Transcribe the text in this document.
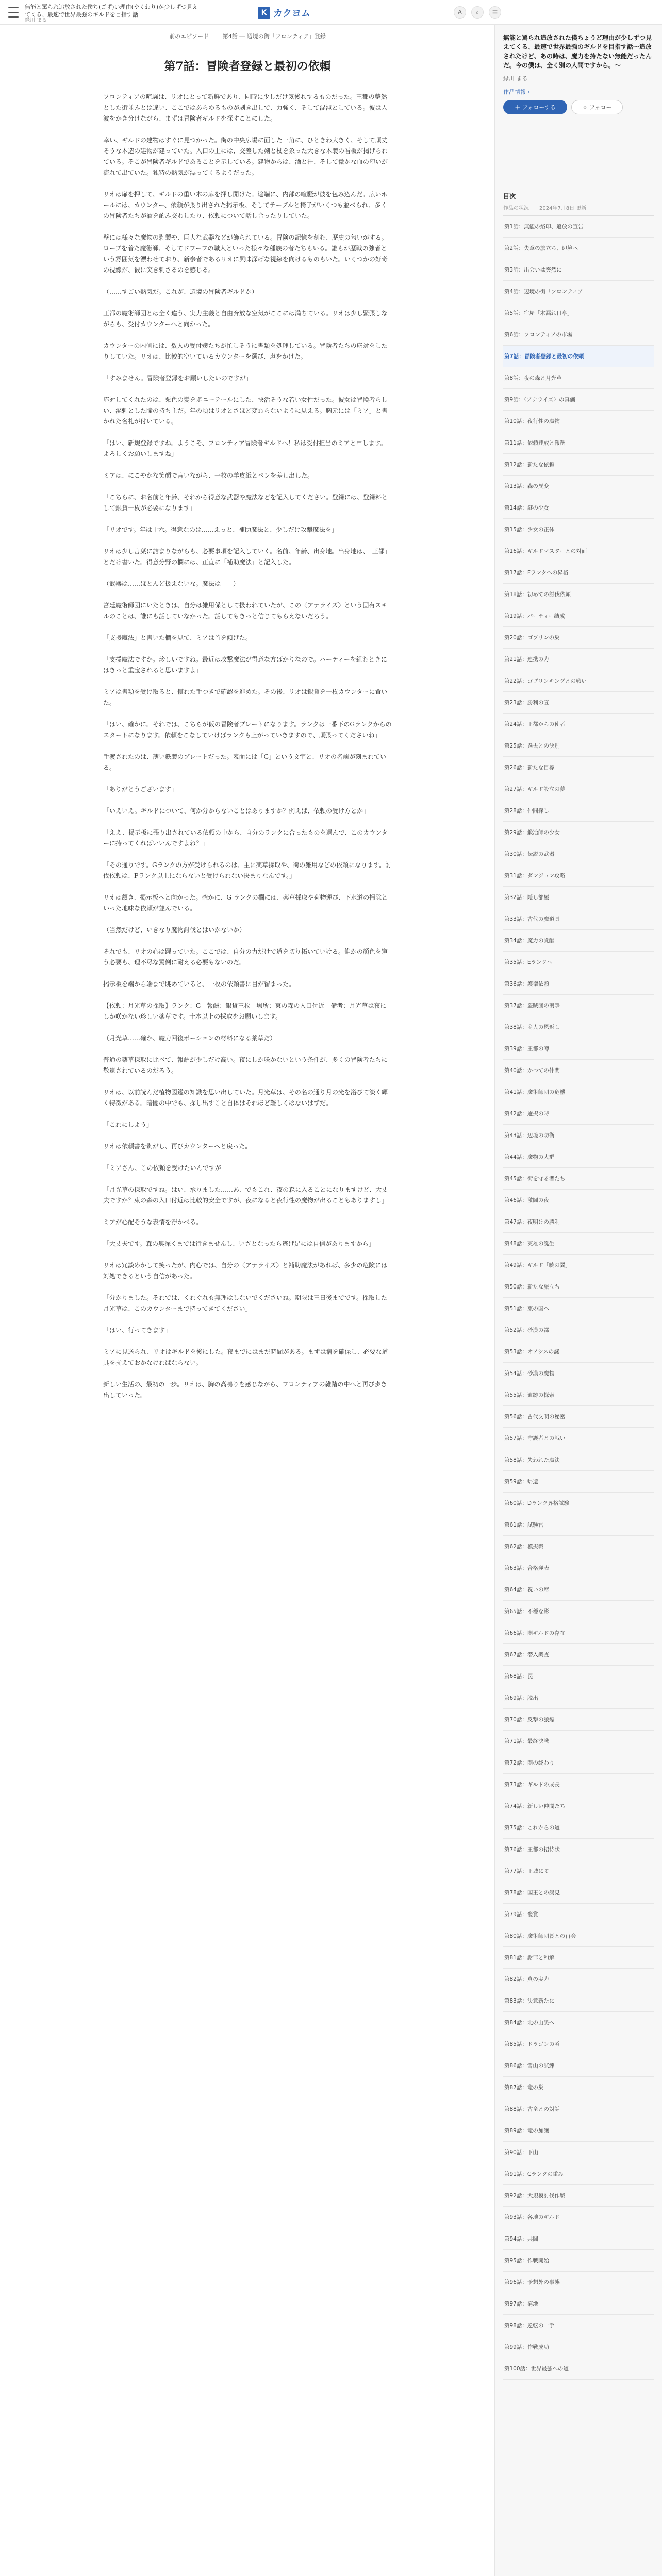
無能と罵られ追放された僕ち(ごず)い理由(やくわり)が少しずつ見えてくる、最速で世界最強のギルドを目指す話
緑川 まる
K カクヨム	A	⌕	☰
前のエピソード | 第4話 ― 辺境の街「フロンティア」登録
第7話：冒険者登録と最初の依頼

フロンティアの喧騒は、リオにとって新鮮であり、同時に少しだけ気後れするものだった。王都の整然とした街並みとは違い、ここではあらゆるものが剥き出しで、力強く、そして混沌としている。彼は人波をかき分けながら、まずは冒険者ギルドを探すことにした。

幸い、ギルドの建物はすぐに見つかった。街の中央広場に面した一角に、ひときわ大きく、そして頑丈そうな木造の建物が建っていた。入口の上には、交差した剣と杖を象った大きな木製の看板が掲げられている。そこが冒険者ギルドであることを示している。建物からは、酒と汗、そして微かな血の匂いが流れて出ていた。独特の熱気が漂ってくるようだった。

リオは扉を押して、ギルドの重い木の扉を押し開けた。途端に、内部の喧騒が彼を包み込んだ。広いホールには、カウンター、依頼が張り出された掲示板、そしてテーブルと椅子がいくつも並べられ、多くの冒険者たちが酒を酌み交わしたり、依頼について話し合ったりしていた。

壁には様々な魔物の剥製や、巨大な武器などが飾られている。冒険の記憶を刻む、歴史の匂いがする。ローブを着た魔術師、そしてドワーフの職人といった様々な種族の者たちもいる。誰もが歴戦の強者という雰囲気を漂わせており、新参者であるリオに興味深げな視線を向けるものもいた。いくつかの好奇の視線が、彼に突き刺さるのを感じる。

（……すごい熱気だ。これが、辺境の冒険者ギルドか）

王都の魔術師団とは全く違う、実力主義と自由奔放な空気がここには満ちている。リオは少し緊張しながらも、受付カウンターへと向かった。

カウンターの内側には、数人の受付嬢たちが忙しそうに書類を処理している。冒険者たちの応対をしたりしていた。リオは、比較的空いているカウンターを選び、声をかけた。

「すみません。冒険者登録をお願いしたいのですが」

応対してくれたのは、栗色の髪をポニーテールにした、快活そうな若い女性だった。彼女は冒険者らしい、溌剌とした瞳の持ち主だ。年の頃はリオとさほど変わらないように見える。胸元には「ミア」と書かれた名札が付いている。

「はい、新規登録ですね。ようこそ、フロンティア冒険者ギルドへ！私は受付担当のミアと申します。よろしくお願いしますね」

ミアは、にこやかな笑顔で言いながら、一枚の羊皮紙とペンを差し出した。

「こちらに、お名前と年齢、それから得意な武器や魔法などを記入してください。登録には、登録料として銀貨一枚が必要になります」

「リオです。年は十六。得意なのは……えっと、補助魔法と、少しだけ攻撃魔法を」

リオは少し言葉に詰まりながらも、必要事項を記入していく。名前、年齢、出身地。出身地は、「王都」とだけ書いた。得意分野の欄には、正直に「補助魔法」と記入した。

（武器は……ほとんど扱えないな。魔法は――）

宮廷魔術師団にいたときは、自分は雑用係として扱われていたが、この〈アナライズ〉という固有スキルのことは、誰にも話していなかった。話してもきっと信じてもらえないだろう。

「支援魔法」と書いた欄を見て、ミアは首を傾げた。

「支援魔法ですか。珍しいですね。最近は攻撃魔法が得意な方ばかりなので。パーティーを組むときにはきっと重宝されると思いますよ」

ミアは書類を受け取ると、慣れた手つきで確認を進めた。その後、リオは銀貨を一枚カウンターに置いた。

「はい、確かに。それでは、こちらが仮の冒険者プレートになります。ランクは一番下のGランクからのスタートになります。依頼をこなしていけばランクも上がっていきますので、頑張ってくださいね」

手渡されたのは、薄い鉄製のプレートだった。表面には「G」という文字と、リオの名前が刻まれている。

「ありがとうございます」

「いえいえ。ギルドについて、何か分からないことはありますか？例えば、依頼の受け方とか」

「ええ、掲示板に張り出されている依頼の中から、自分のランクに合ったものを選んで、このカウンターに持ってくればいいんですよね？」

「その通りです。Gランクの方が受けられるのは、主に薬草採取や、街の雑用などの依頼になります。討伐依頼は、Fランク以上にならないと受けられない決まりなんです。」

リオは頷き、掲示板へと向かった。確かに、G ランクの欄には、薬草採取や荷物運び、下水道の掃除といった地味な依頼が並んでいる。

（当然だけど、いきなり魔物討伐とはいかないか）

それでも、リオの心は躍っていた。ここでは、自分の力だけで道を切り拓いていける。誰かの顔色を窺う必要も、理不尽な罵倒に耐える必要もないのだ。

掲示板を端から端まで眺めていると、一枚の依頼書に目が留まった。

【依頼：月光草の採取】ランク：G　報酬：銀貨三枚　場所：東の森の入口付近　備考：月光草は夜にしか咲かない珍しい薬草です。十本以上の採取をお願いします。

（月光草……確か、魔力回復ポーションの材料になる薬草だ）

普通の薬草採取に比べて、報酬が少しだけ高い。夜にしか咲かないという条件が、多くの冒険者たちに敬遠されているのだろう。

リオは、以前読んだ植物図鑑の知識を思い出していた。月光草は、その名の通り月の光を浴びて淡く輝く特徴がある。暗闇の中でも、探し出すこと自体はそれほど難しくはないはずだ。

「これにしよう」

リオは依頼書を剥がし、再びカウンターへと戻った。

「ミアさん、この依頼を受けたいんですが」

「月光草の採取ですね。はい、承りました……あ、でもこれ、夜の森に入ることになりますけど、大丈夫ですか？東の森の入口付近は比較的安全ですが、夜になると夜行性の魔物が出ることもありますし」

ミアが心配そうな表情を浮かべる。

「大丈夫です。森の奥深くまでは行きませんし、いざとなったら逃げ足には自信がありますから」

リオは冗談めかして笑ったが、内心では、自分の〈アナライズ〉と補助魔法があれば、多少の危険には対処できるという自信があった。

「分かりました。それでは、くれぐれも無理はしないでくださいね。期限は三日後までです。採取した月光草は、このカウンターまで持ってきてください」

「はい、行ってきます」

ミアに見送られ、リオはギルドを後にした。夜までにはまだ時間がある。まずは宿を確保し、必要な道具を揃えておかなければならない。

新しい生活の、最初の一歩。リオは、胸の高鳴りを感じながら、フロンティアの雑踏の中へと再び歩き出していった。

無能と罵られ追放された僕ちょうど理由が少しずつ見えてくる、最速で世界最強のギルドを目指す話〜追放されたけど、あの時は、魔力を持たない無能だったんだ。今の僕は、全く別の人間ですから。〜
緑川 まる
作品情報 ›
＋ フォローする	☆ フォロー
目次
作品の状況 2024年7月8日 更新
第1話：無能の烙印、追放の宣告
第2話：失意の旅立ち、辺境へ
第3話：出会いは突然に
第4話：辺境の街「フロンティア」
第5話：宿屋「木漏れ日亭」
第6話：フロンティアの市場
第7話：冒険者登録と最初の依頼
第8話：夜の森と月光草
第9話：〈アナライズ〉の真価
第10話：夜行性の魔物
第11話：依頼達成と報酬
第12話：新たな依頼
第13話：森の異変
第14話：謎の少女
第15話：少女の正体
第16話：ギルドマスターとの対面
第17話：Fランクへの昇格
第18話：初めての討伐依頼
第19話：パーティー結成
第20話：ゴブリンの巣
第21話：連携の力
第22話：ゴブリンキングとの戦い
第23話：勝利の宴
第24話：王都からの使者
第25話：過去との決別
第26話：新たな目標
第27話：ギルド設立の夢
第28話：仲間探し
第29話：鍛冶師の少女
第30話：伝説の武器
第31話：ダンジョン攻略
第32話：隠し部屋
第33話：古代の魔道具
第34話：魔力の覚醒
第35話：Eランクへ
第36話：護衛依頼
第37話：盗賊団の襲撃
第38話：商人の恩返し
第39話：王都の噂
第40話：かつての仲間
第41話：魔術師団の危機
第42話：選択の時
第43話：辺境の防衛
第44話：魔物の大群
第45話：街を守る者たち
第46話：激闘の夜
第47話：夜明けの勝利
第48話：英雄の誕生
第49話：ギルド「暁の翼」
第50話：新たな旅立ち
第51話：東の国へ
第52話：砂漠の都
第53話：オアシスの謎
第54話：砂漠の魔物
第55話：遺跡の探索
第56話：古代文明の秘密
第57話：守護者との戦い
第58話：失われた魔法
第59話：帰還
第60話：Dランク昇格試験
第61話：試験官
第62話：模擬戦
第63話：合格発表
第64話：祝いの席
第65話：不穏な影
第66話：闇ギルドの存在
第67話：潜入調査
第68話：罠
第69話：脱出
第70話：反撃の狼煙
第71話：最終決戦
第72話：闇の終わり
第73話：ギルドの成長
第74話：新しい仲間たち
第75話：これからの道
第76話：王都の招待状
第77話：王城にて
第78話：国王との謁見
第79話：褒賞
第80話：魔術師団長との再会
第81話：謝罪と和解
第82話：真の実力
第83話：決意新たに
第84話：北の山脈へ
第85話：ドラゴンの噂
第86話：雪山の試練
第87話：竜の巣
第88話：古竜との対話
第89話：竜の加護
第90話：下山
第91話：Cランクの重み
第92話：大規模討伐作戦
第93話：各地のギルド
第94話：共闘
第95話：作戦開始
第96話：予想外の事態
第97話：窮地
第98話：逆転の一手
第99話：作戦成功
第100話：世界最強への道
